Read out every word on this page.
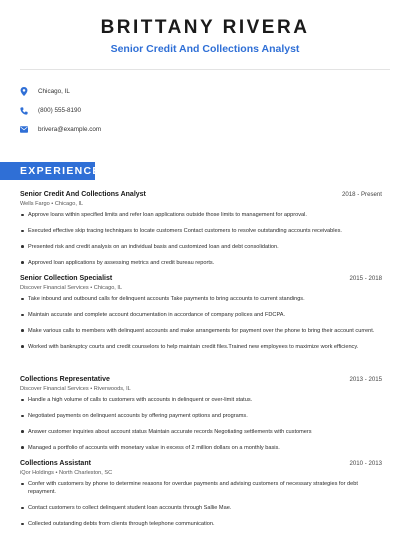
BRITTANY RIVERA
Senior Credit And Collections Analyst
Chicago, IL
(800) 555-8190
brivera@example.com
EXPERIENCE
Senior Credit And Collections Analyst	2018 - Present
Wells Fargo • Chicago, IL
Approve loans within specified limits and refer loan applications outside those limits to management for approval.
Executed effective skip tracing techniques to locate customers Contact customers to resolve outstanding accounts receivables.
Presented risk and credit analysis on an individual basis and customized loan and debt consolidation.
Approved loan applications by assessing metrics and credit bureau reports.
Senior Collection Specialist	2015 - 2018
Discover Financial Services • Chicago, IL
Take inbound and outbound calls for delinquent accounts Take payments to bring accounts to current standings.
Maintain accurate and complete account documentation in accordance of company polices and FDCPA.
Make various calls to members with delinquent accounts and make arrangements for payment over the phone to bring their account current.
Worked with bankruptcy courts and credit counselors to help maintain credit files.Trained new employees to maximize work efficiency.
Collections Representative	2013 - 2015
Discover Financial Services • Riverwoods, IL
Handle a high volume of calls to customers with accounts in delinquent or over-limit status.
Negotiated payments on delinquent accounts by offering payment options and programs.
Answer customer inquiries about account status Maintain accurate records Negotiating settlements with customers
Managed a portfolio of accounts with monetary value in excess of 2 million dollars on a monthly basis.
Collections Assistant	2010 - 2013
iQor Holdings • North Charleston, SC
Confer with customers by phone to determine reasons for overdue payments and advising customers of necessary strategies for debt repayment.
Contact customers to collect delinquent student loan accounts through Sallie Mae.
Collected outstanding debts from clients through telephone communication.
